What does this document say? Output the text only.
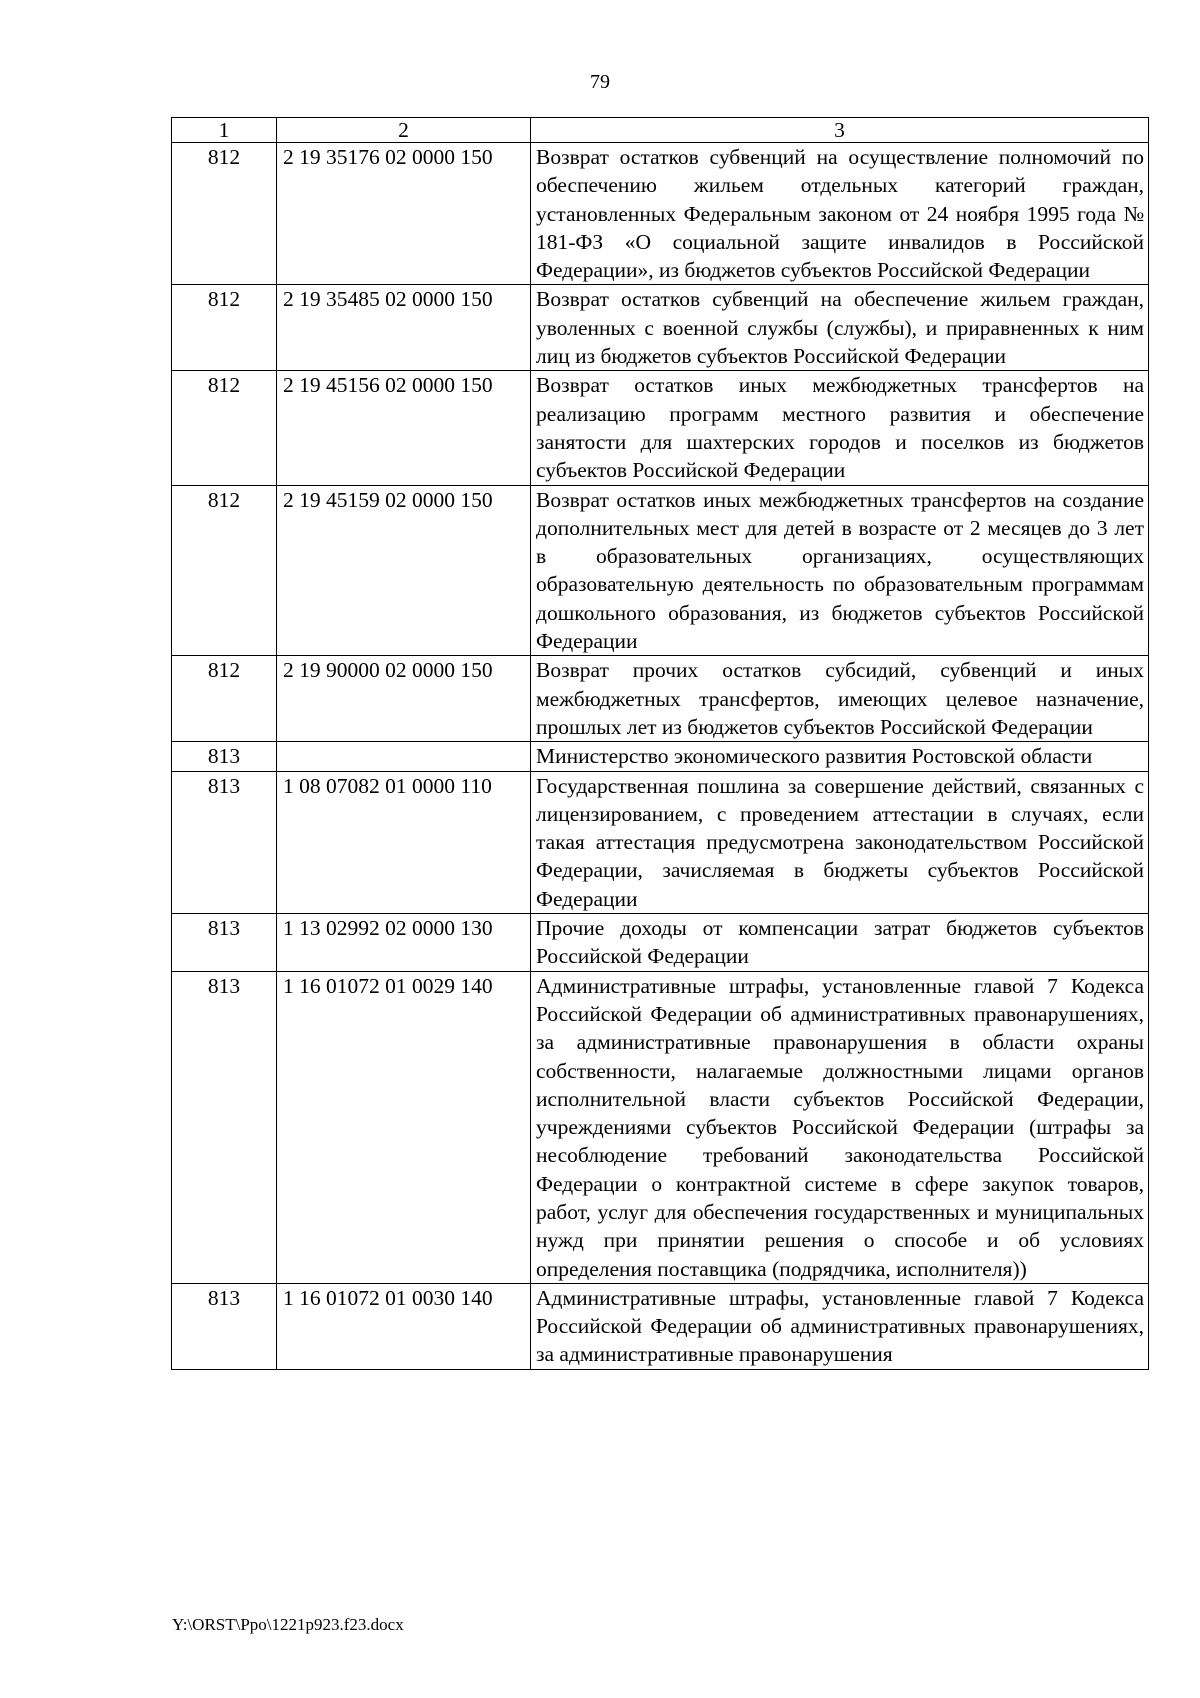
79
1	2	3
812	2 19 35176 02 0000 150	Возврат остатков субвенций на осуществление полномочий по обеспечению жильем отдельных категорий граждан, установленных Федеральным законом от 24 ноября 1995 года № 181-ФЗ «О социальной защите инвалидов в Российской Федерации», из бюджетов субъектов Российской Федерации
812	2 19 35485 02 0000 150	Возврат остатков субвенций на обеспечение жильем граждан, уволенных с военной службы (службы), и приравненных к ним лиц из бюджетов субъектов Российской Федерации
812	2 19 45156 02 0000 150	Возврат остатков иных межбюджетных трансфертов на реализацию программ местного развития и обеспечение занятости для шахтерских городов и поселков из бюджетов субъектов Российской Федерации
812	2 19 45159 02 0000 150	Возврат остатков иных межбюджетных трансфертов на создание дополнительных мест для детей в возрасте от 2 месяцев до 3 лет в образовательных организациях, осуществляющих образовательную деятельность по образовательным программам дошкольного образования, из бюджетов субъектов Российской Федерации
812	2 19 90000 02 0000 150	Возврат прочих остатков субсидий, субвенций и иных межбюджетных трансфертов, имеющих целевое назначение, прошлых лет из бюджетов субъектов Российской Федерации
813		Министерство экономического развития Ростовской области
813	1 08 07082 01 0000 110	Государственная пошлина за совершение действий, связанных с лицензированием, с проведением аттестации в случаях, если такая аттестация предусмотрена законодательством Российской Федерации, зачисляемая в бюджеты субъектов Российской Федерации
813	1 13 02992 02 0000 130	Прочие доходы от компенсации затрат бюджетов субъектов Российской Федерации
813	1 16 01072 01 0029 140	Административные штрафы, установленные главой 7 Кодекса Российской Федерации об административных правонарушениях, за административные правонарушения в области охраны собственности, налагаемые должностными лицами органов исполнительной власти субъектов Российской Федерации, учреждениями субъектов Российской Федерации (штрафы за несоблюдение требований законодательства Российской Федерации о контрактной системе в сфере закупок товаров, работ, услуг для обеспечения государственных и муниципальных нужд при принятии решения о способе и об условиях определения поставщика (подрядчика, исполнителя))
813	1 16 01072 01 0030 140	Административные штрафы, установленные главой 7 Кодекса Российской Федерации об административных правонарушениях, за административные правонарушения
Y:\ORST\Ppo\1221p923.f23.docx
